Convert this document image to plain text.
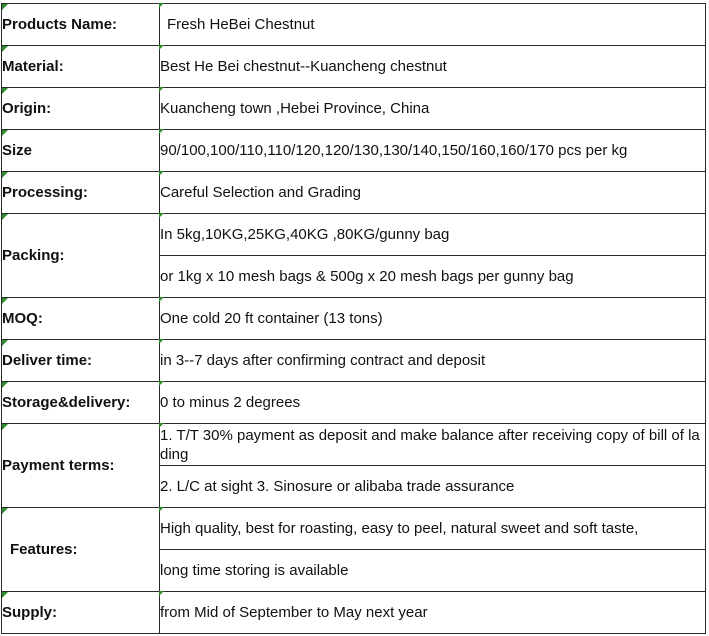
Products Name:	Fresh HeBei Chestnut
Material:	Best He Bei chestnut--Kuancheng chestnut
Origin:	Kuancheng town ,Hebei Province, China
Size	90/100,100/110,110/120,120/130,130/140,150/160,160/170 pcs per kg
Processing:	Careful Selection and Grading
Packing:	In 5kg,10KG,25KG,40KG ,80KG/gunny bag
	or 1kg x 10 mesh bags & 500g x 20 mesh bags per gunny bag
MOQ:	One cold 20 ft container (13 tons)
Deliver time:	in 3--7 days after confirming contract and deposit
Storage&delivery:	0 to minus 2 degrees
Payment terms:	1. T/T 30% payment as deposit and make balance after receiving copy of bill of la ding
	2. L/C at sight 3. Sinosure or alibaba trade assurance
Features:	High quality, best for roasting, easy to peel, natural sweet and soft taste,
	long time storing is available
Supply:	from Mid of September to May next year
